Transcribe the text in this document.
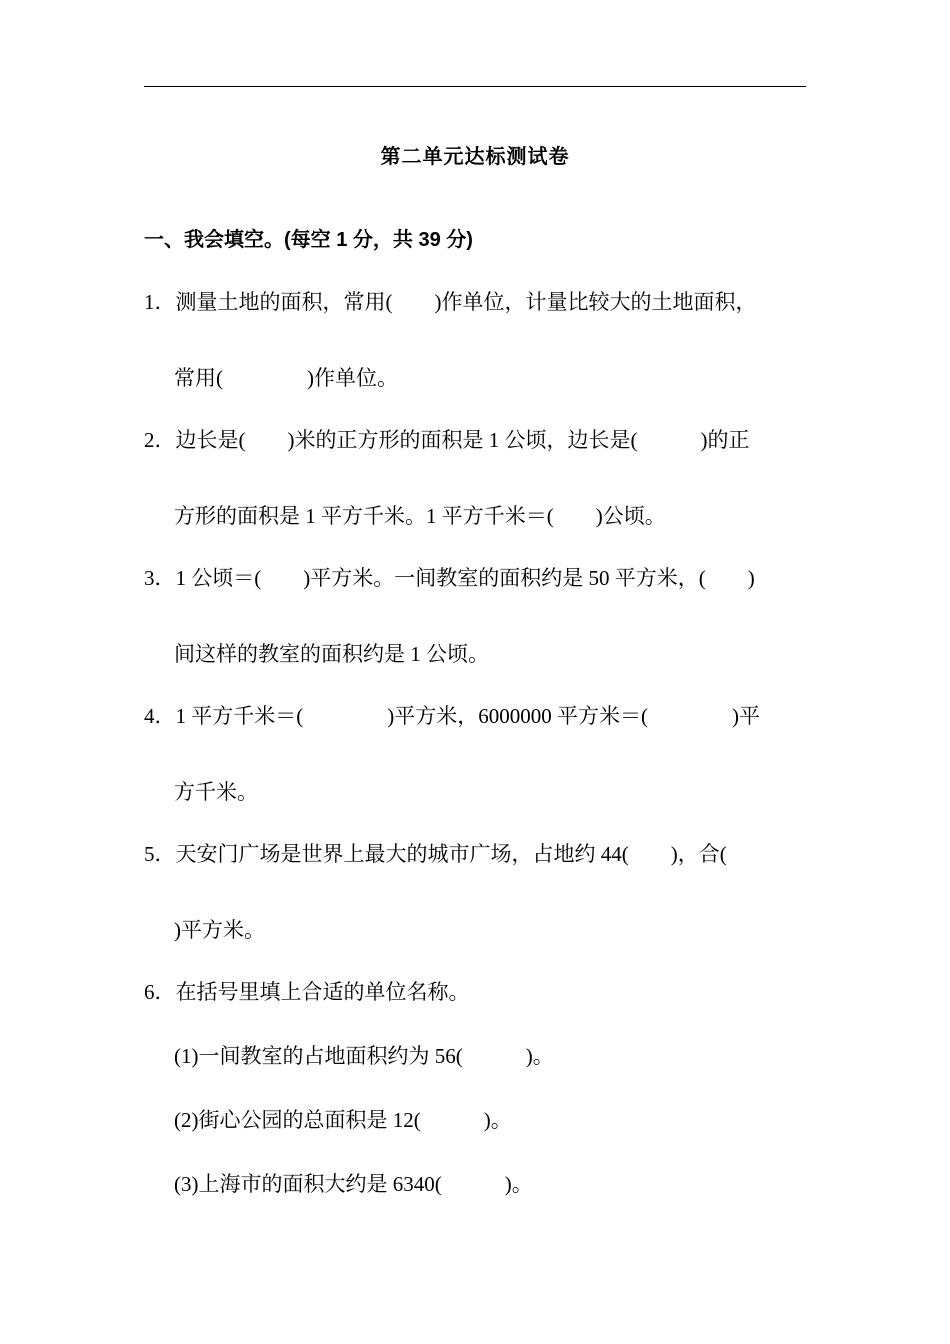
第二单元达标测试卷
一、我会填空。(每空 1 分，共 39 分)
1．测量土地的面积，常用(　　)作单位，计量比较大的土地面积，
常用(　　　　)作单位。
2．边长是(　　)米的正方形的面积是 1 公顷，边长是(　　　)的正
方形的面积是 1 平方千米。1 平方千米＝(　　)公顷。
3．1 公顷＝(　　)平方米。一间教室的面积约是 50 平方米，(　　)
间这样的教室的面积约是 1 公顷。
4．1 平方千米＝(　　　　)平方米，6000000 平方米＝(　　　　)平
方千米。
5．天安门广场是世界上最大的城市广场，占地约 44(　　)，合(
)平方米。
6．在括号里填上合适的单位名称。
(1)一间教室的占地面积约为 56(　　　)。
(2)街心公园的总面积是 12(　　　)。
(3)上海市的面积大约是 6340(　　　)。
